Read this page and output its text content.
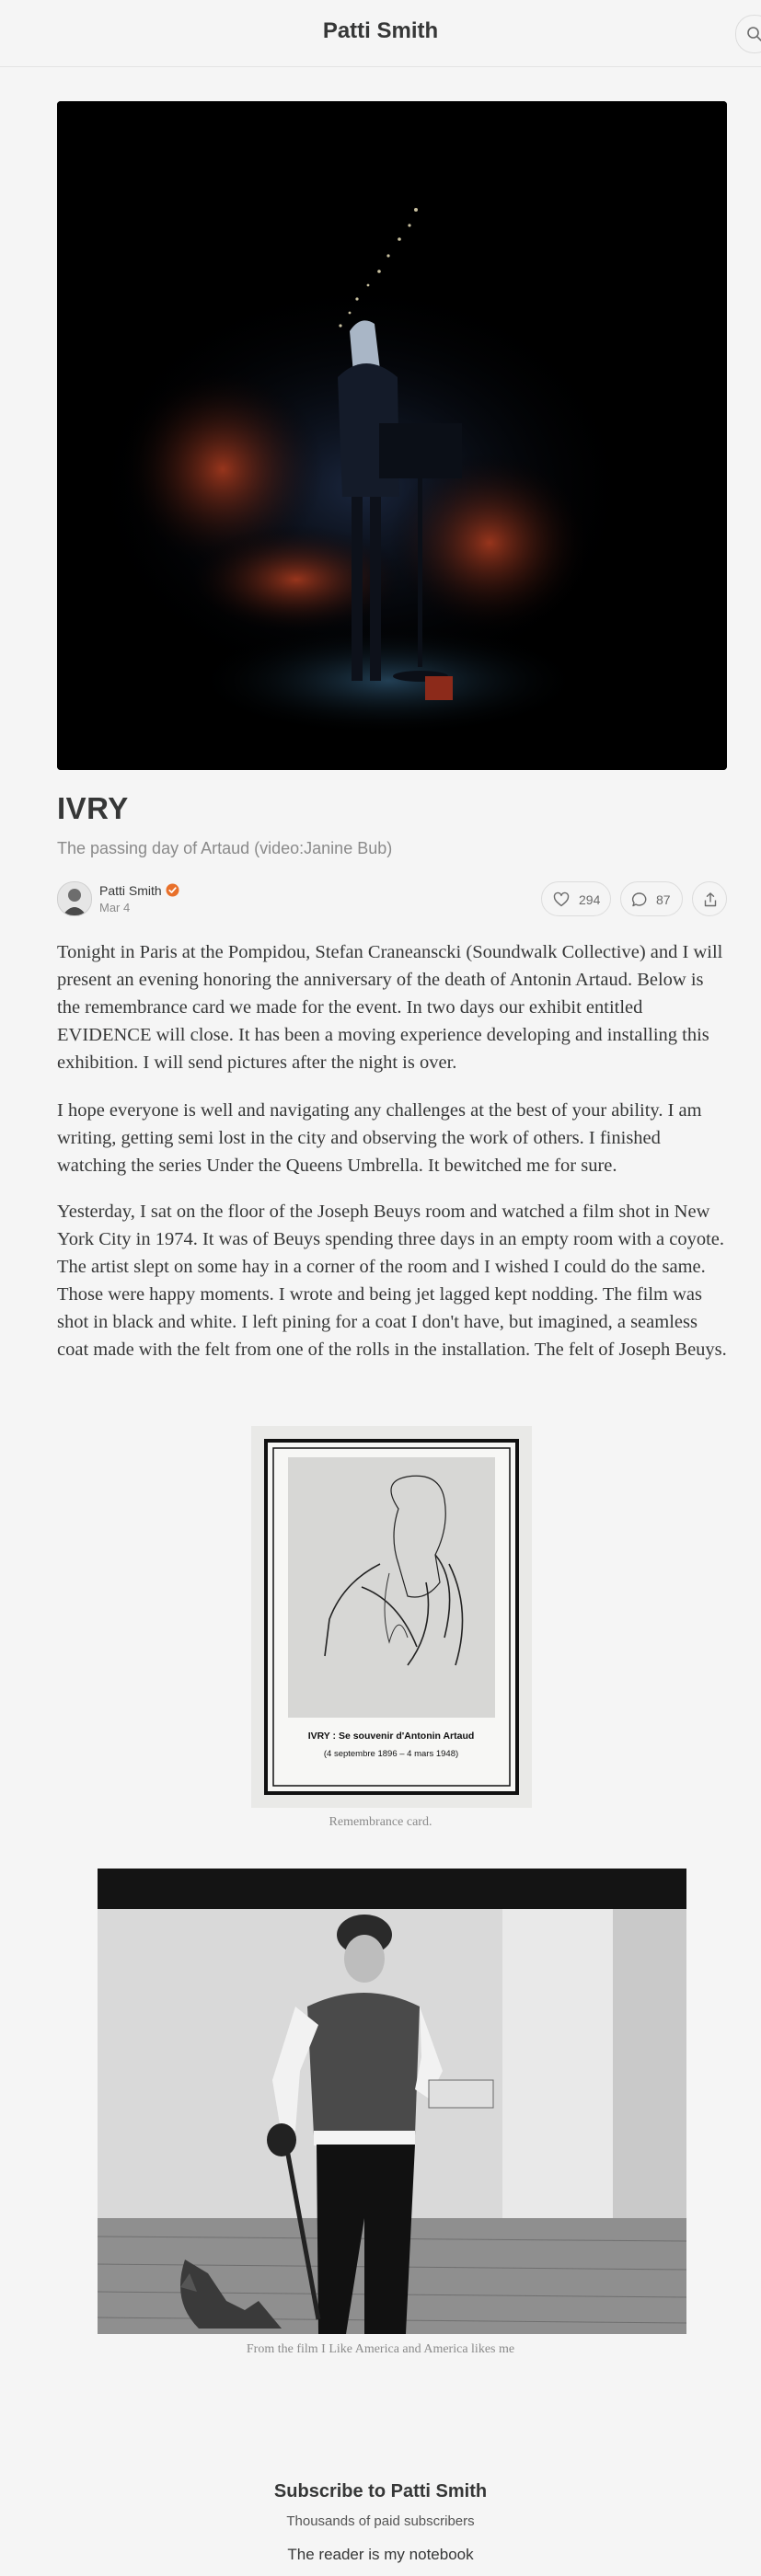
Patti Smith
IVRY
The passing day of Artaud (video:Janine Bub)
Patti Smith
Mar 4
294	87

Tonight in Paris at the Pompidou, Stefan Craneanscki (Soundwalk Collective) and I will present an evening honoring the anniversary of the death of Antonin Artaud. Below is the remembrance card we made for the event. In two days our exhibit entitled EVIDENCE will close. It has been a moving experience developing and installing this exhibition. I will send pictures after the night is over.

I hope everyone is well and navigating any challenges at the best of your ability. I am writing, getting semi lost in the city and observing the work of others. I finished watching the series Under the Queens Umbrella. It bewitched me for sure.

Yesterday, I sat on the floor of the Joseph Beuys room and watched a film shot in New York City in 1974. It was of Beuys spending three days in an empty room with a coyote. The artist slept on some hay in a corner of the room and I wished I could do the same. Those were happy moments. I wrote and being jet lagged kept nodding. The film was shot in black and white. I left pining for a coat I don't have, but imagined, a seamless coat made with the felt from one of the rolls in the installation. The felt of Joseph Beuys.

IVRY : Se souvenir d'Antonin Artaud
(4 septembre 1896 – 4 mars 1948)
Remembrance card.
From the film I Like America and America likes me
Subscribe to Patti Smith
Thousands of paid subscribers
The reader is my notebook
